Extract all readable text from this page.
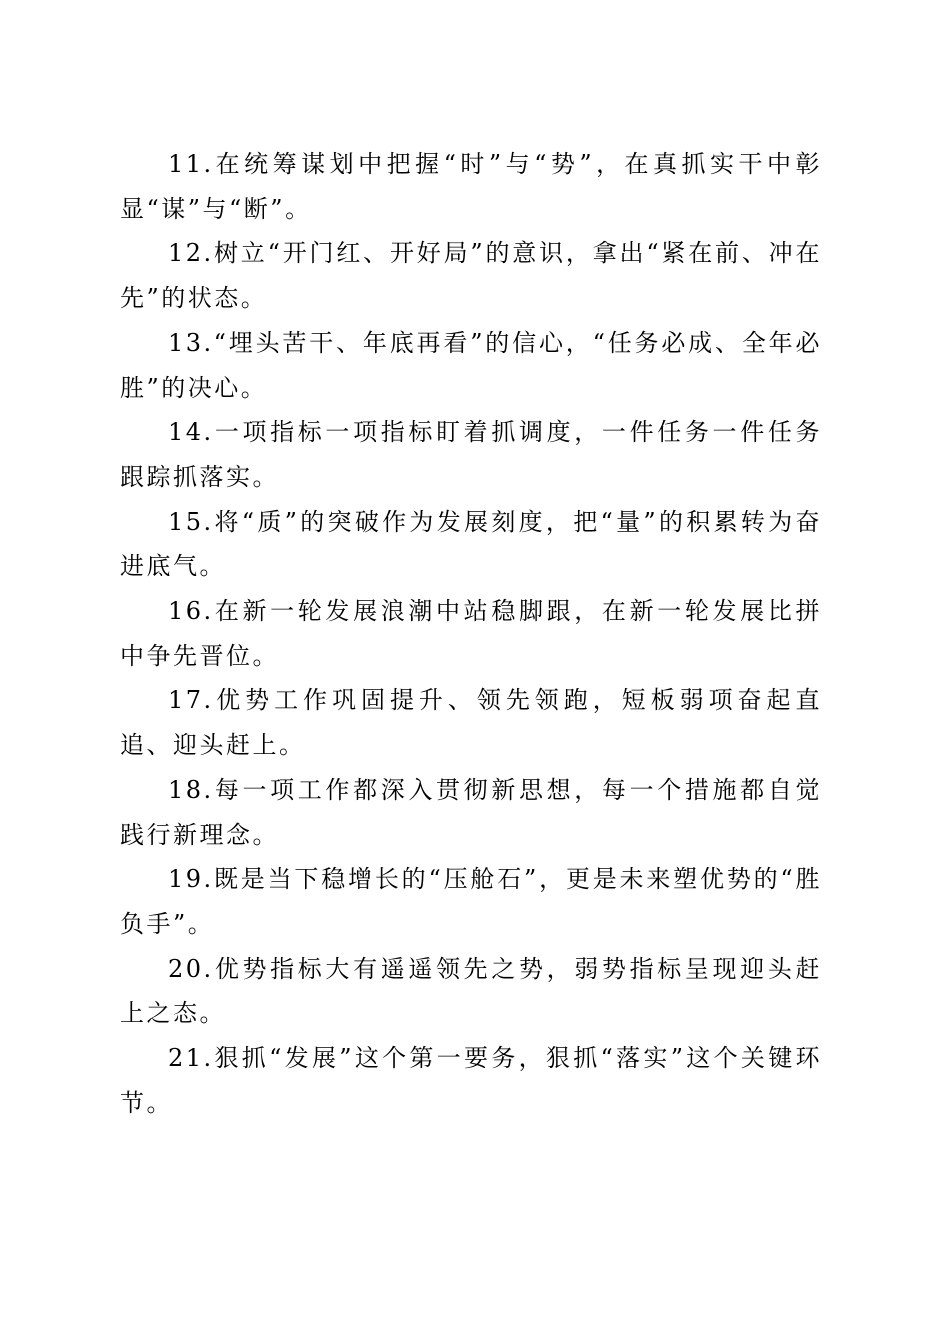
11.在统筹谋划中把握“时”与“势”，在真抓实干中彰显“谋”与“断”。

12.树立“开门红、开好局”的意识，拿出“紧在前、冲在先”的状态。

13.“埋头苦干、年底再看”的信心，“任务必成、全年必胜”的决心。

14.一项指标一项指标盯着抓调度，一件任务一件任务跟踪抓落实。

15.将“质”的突破作为发展刻度，把“量”的积累转为奋进底气。

16.在新一轮发展浪潮中站稳脚跟，在新一轮发展比拼中争先晋位。

17.优势工作巩固提升、领先领跑，短板弱项奋起直追、迎头赶上。

18.每一项工作都深入贯彻新思想，每一个措施都自觉践行新理念。

19.既是当下稳增长的“压舱石”，更是未来塑优势的“胜负手”。

20.优势指标大有遥遥领先之势，弱势指标呈现迎头赶上之态。

21.狠抓“发展”这个第一要务，狠抓“落实”这个关键环节。
